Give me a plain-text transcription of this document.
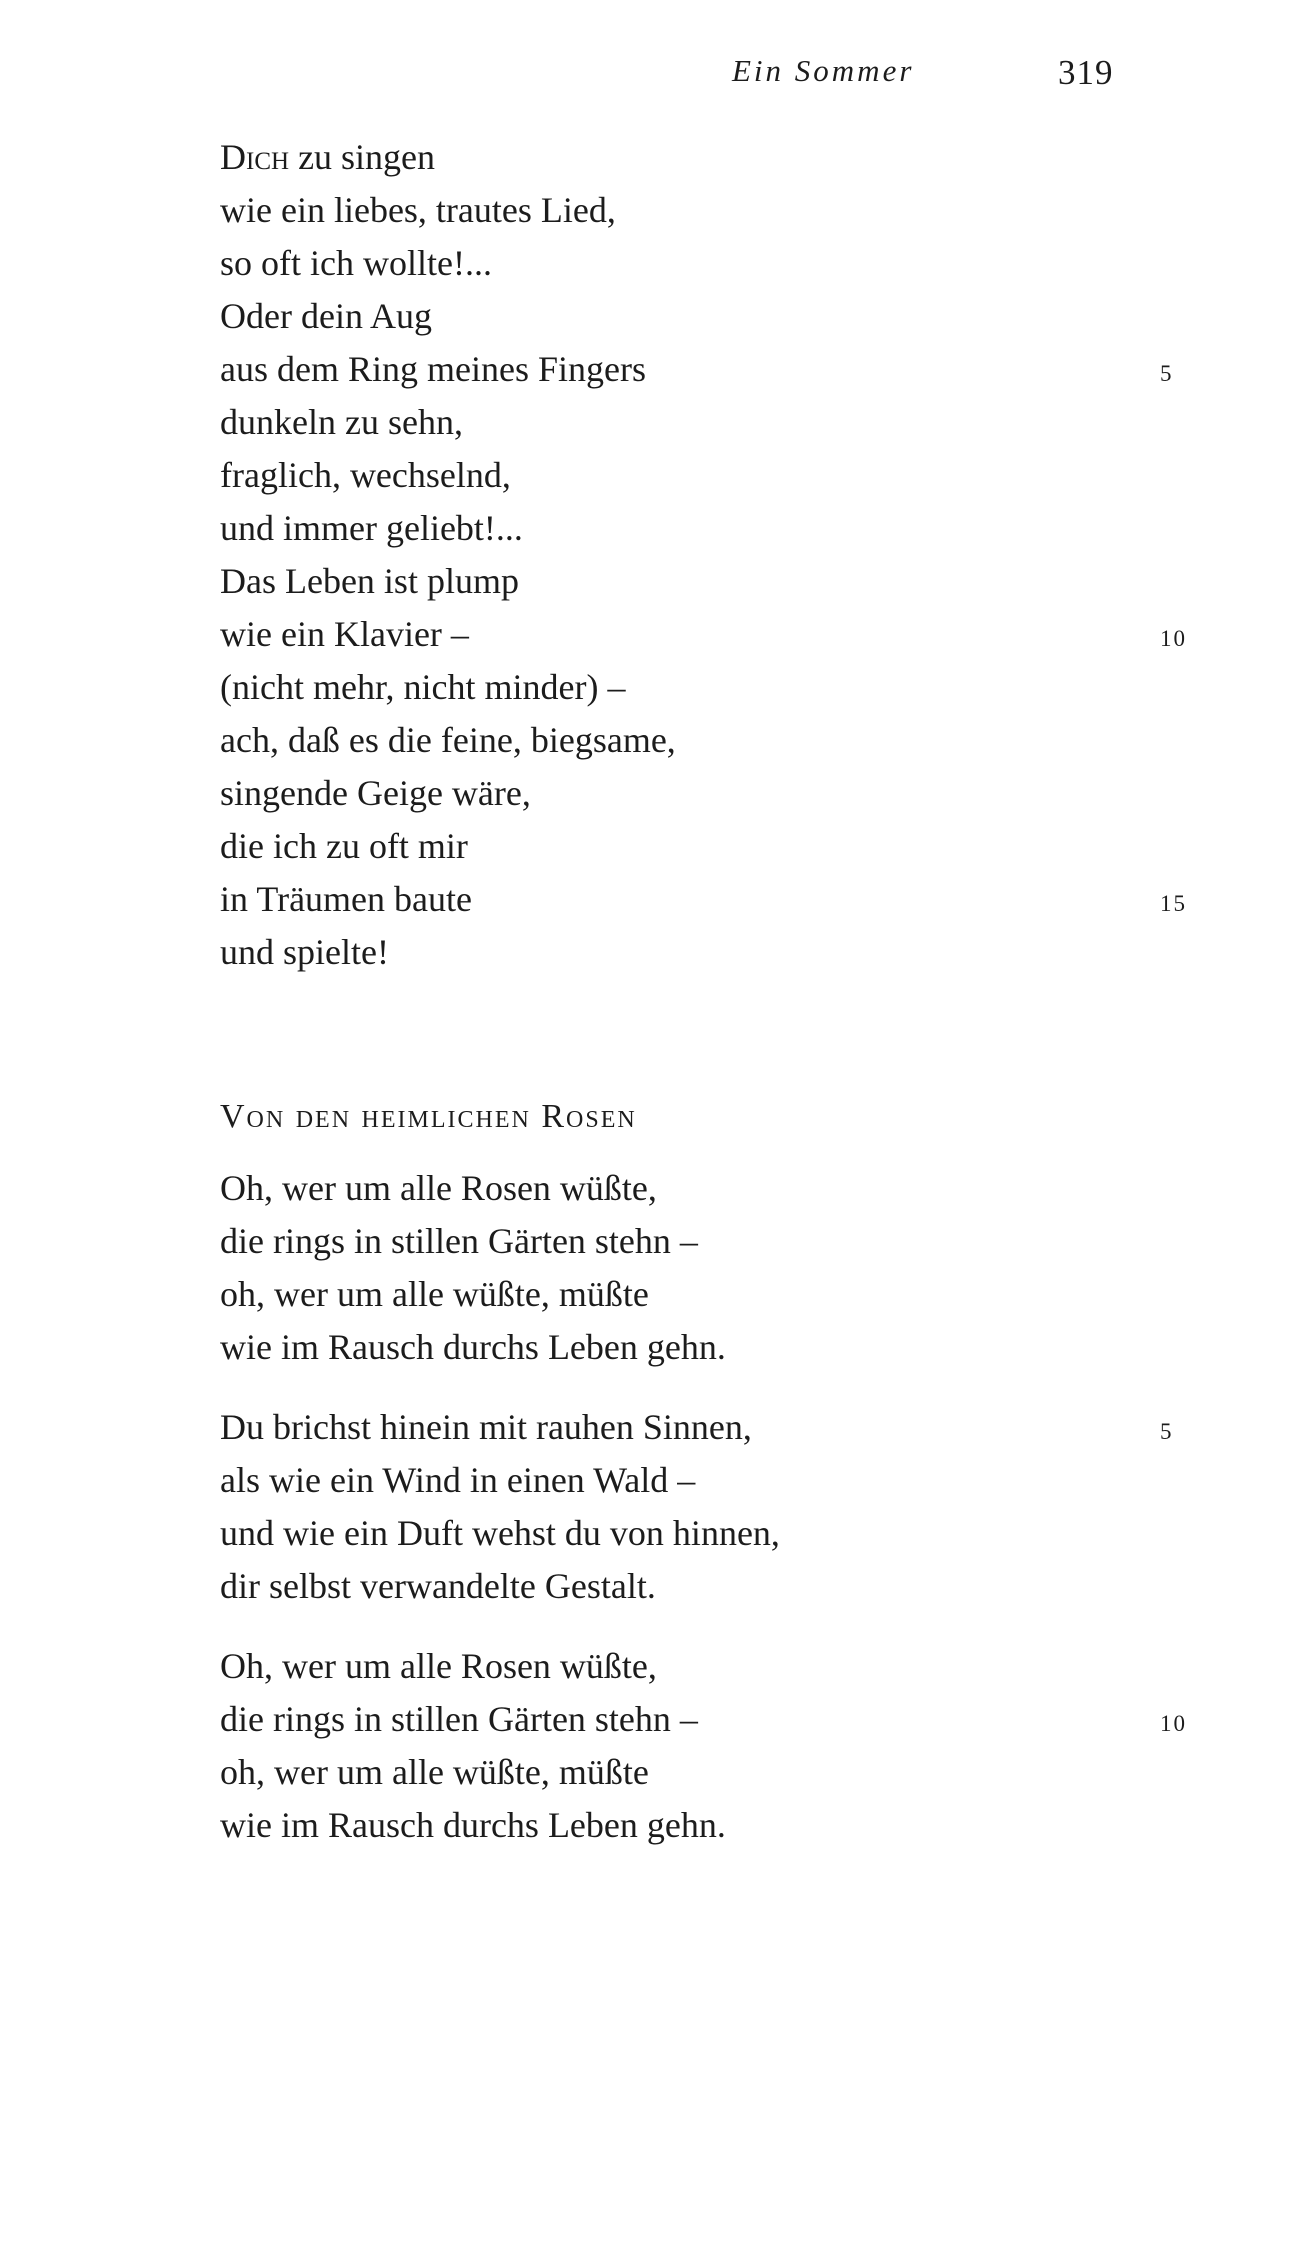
Ein Sommer	319
Dich zu singen
wie ein liebes, trautes Lied,
so oft ich wollte!...
Oder dein Aug
aus dem Ring meines Fingers	5
dunkeln zu sehn,
fraglich, wechselnd,
und immer geliebt!...
Das Leben ist plump
wie ein Klavier –	10
(nicht mehr, nicht minder) –
ach, daß es die feine, biegsame,
singende Geige wäre,
die ich zu oft mir
in Träumen baute	15
und spielte!
Von den heimlichen Rosen
Oh, wer um alle Rosen wüßte,
die rings in stillen Gärten stehn –
oh, wer um alle wüßte, müßte
wie im Rausch durchs Leben gehn.
Du brichst hinein mit rauhen Sinnen,	5
als wie ein Wind in einen Wald –
und wie ein Duft wehst du von hinnen,
dir selbst verwandelte Gestalt.
Oh, wer um alle Rosen wüßte,
die rings in stillen Gärten stehn –	10
oh, wer um alle wüßte, müßte
wie im Rausch durchs Leben gehn.
